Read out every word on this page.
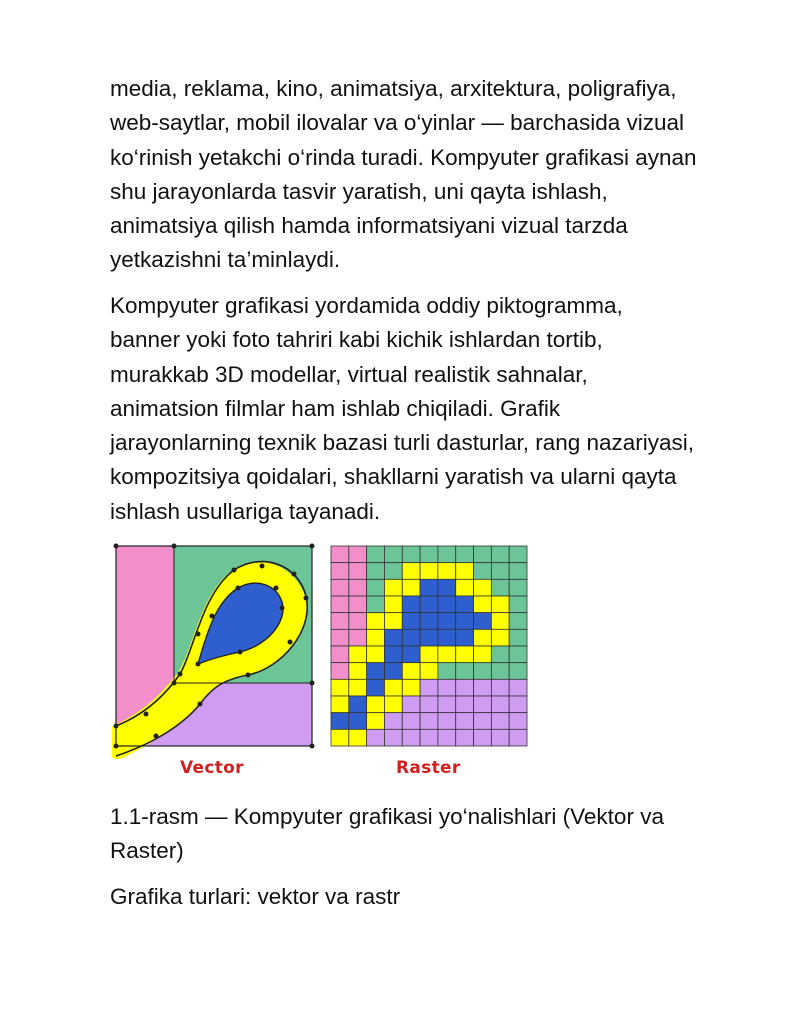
media, reklama, kino, animatsiya, arxitektura, poligrafiya,
web-saytlar, mobil ilovalar va o‘yinlar — barchasida vizual
ko‘rinish yetakchi o‘rinda turadi. Kompyuter grafikasi aynan
shu jarayonlarda tasvir yaratish, uni qayta ishlash,
animatsiya qilish hamda informatsiyani vizual tarzda
yetkazishni ta’minlaydi.

Kompyuter grafikasi yordamida oddiy piktogramma,
banner yoki foto tahriri kabi kichik ishlardan tortib,
murakkab 3D modellar, virtual realistik sahnalar,
animatsion filmlar ham ishlab chiqiladi. Grafik
jarayonlarning texnik bazasi turli dasturlar, rang nazariyasi,
kompozitsiya qoidalari, shakllarni yaratish va ularni qayta
ishlash usullariga tayanadi.

Vector	Raster

1.1-rasm — Kompyuter grafikasi yo‘nalishlari (Vektor va
Raster)

Grafika turlari: vektor va rastr
